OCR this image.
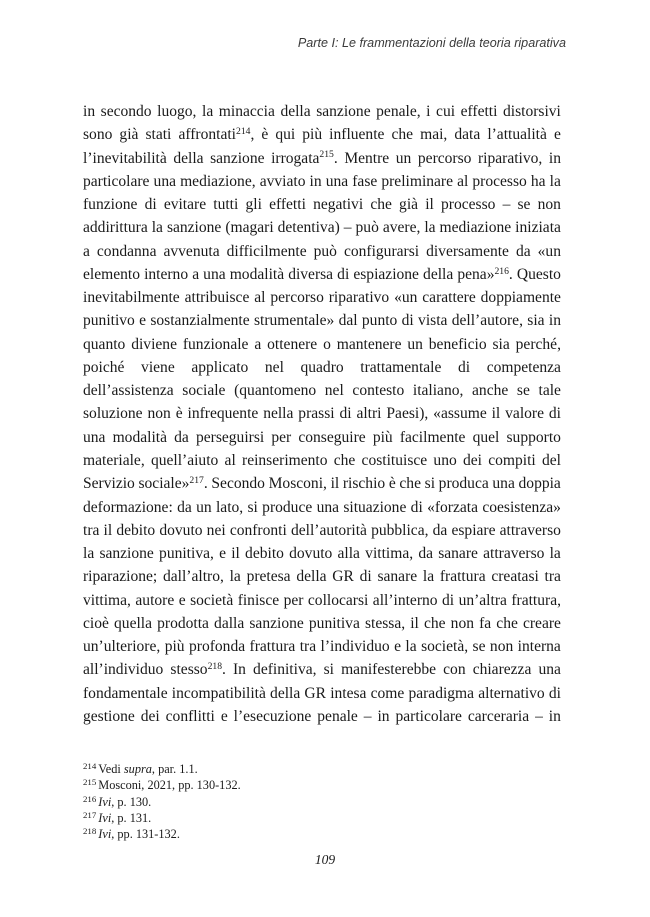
Parte I: Le frammentazioni della teoria riparativa
in secondo luogo, la minaccia della sanzione penale, i cui effetti distorsivi
sono già stati affrontati$^{214}$, è qui più influente che mai, data l’attualità e
l’inevitabilità della sanzione irrogata$^{215}$. Mentre un percorso riparativo, in
particolare una mediazione, avviato in una fase preliminare al processo ha la
funzione di evitare tutti gli effetti negativi che già il processo – se non
addirittura la sanzione (magari detentiva) – può avere, la mediazione iniziata
a condanna avvenuta difficilmente può configurarsi diversamente da «un
elemento interno a una modalità diversa di espiazione della pena»$^{216}$. Questo
inevitabilmente attribuisce al percorso riparativo «un carattere doppiamente
punitivo e sostanzialmente strumentale» dal punto di vista dell’autore, sia in
quanto diviene funzionale a ottenere o mantenere un beneficio sia perché,
poiché viene applicato nel quadro trattamentale di competenza
dell’assistenza sociale (quantomeno nel contesto italiano, anche se tale
soluzione non è infrequente nella prassi di altri Paesi), «assume il valore di
una modalità da perseguirsi per conseguire più facilmente quel supporto
materiale, quell’aiuto al reinserimento che costituisce uno dei compiti del
Servizio sociale»$^{217}$. Secondo Mosconi, il rischio è che si produca una doppia
deformazione: da un lato, si produce una situazione di «forzata coesistenza»
tra il debito dovuto nei confronti dell’autorità pubblica, da espiare attraverso
la sanzione punitiva, e il debito dovuto alla vittima, da sanare attraverso la
riparazione; dall’altro, la pretesa della GR di sanare la frattura creatasi tra
vittima, autore e società finisce per collocarsi all’interno di un’altra frattura,
cioè quella prodotta dalla sanzione punitiva stessa, il che non fa che creare
un’ulteriore, più profonda frattura tra l’individuo e la società, se non interna
all’individuo stesso$^{218}$. In definitiva, si manifesterebbe con chiarezza una
fondamentale incompatibilità della GR intesa come paradigma alternativo di
gestione dei conflitti e l’esecuzione penale – in particolare carceraria – in
$^{214}$ Vedi supra, par. 1.1.
$^{215}$ Mosconi, 2021, pp. 130-132.
$^{216}$ Ivi, p. 130.
$^{217}$ Ivi, p. 131.
$^{218}$ Ivi, pp. 131-132.
109
